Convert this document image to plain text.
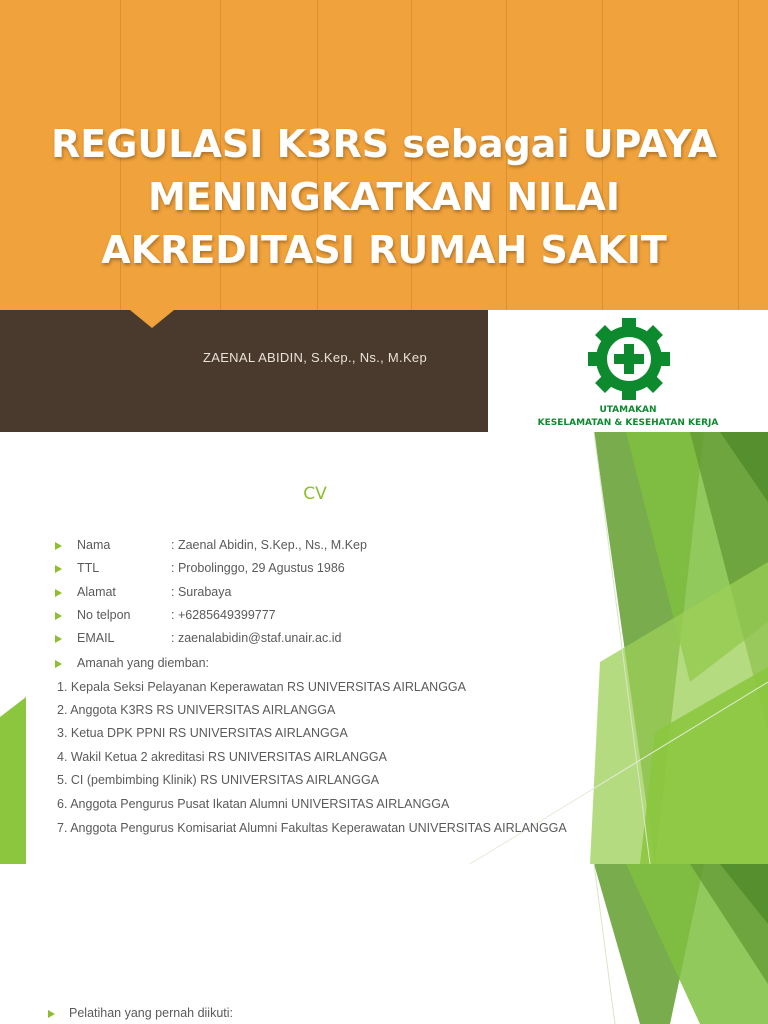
REGULASI K3RS sebagai UPAYA
MENINGKATKAN NILAI
AKREDITASI RUMAH SAKIT
ZAENAL ABIDIN, S.Kep., Ns., M.Kep
UTAMAKAN
KESELAMATAN & KESEHATAN KERJA
CV
Nama	: Zaenal Abidin, S.Kep., Ns., M.Kep
TTL	: Probolinggo, 29 Agustus 1986
Alamat	: Surabaya
No telpon	: +6285649399777
EMAIL	: zaenalabidin@staf.unair.ac.id
Amanah yang diemban:
1. Kepala Seksi Pelayanan Keperawatan RS UNIVERSITAS AIRLANGGA
2. Anggota K3RS RS UNIVERSITAS AIRLANGGA
3. Ketua DPK PPNI RS UNIVERSITAS AIRLANGGA
4. Wakil Ketua 2 akreditasi RS UNIVERSITAS AIRLANGGA
5. CI (pembimbing Klinik) RS UNIVERSITAS AIRLANGGA
6. Anggota Pengurus Pusat Ikatan Alumni UNIVERSITAS AIRLANGGA
7. Anggota Pengurus Komisariat Alumni Fakultas Keperawatan UNIVERSITAS AIRLANGGA
Pelatihan yang pernah diikuti:
